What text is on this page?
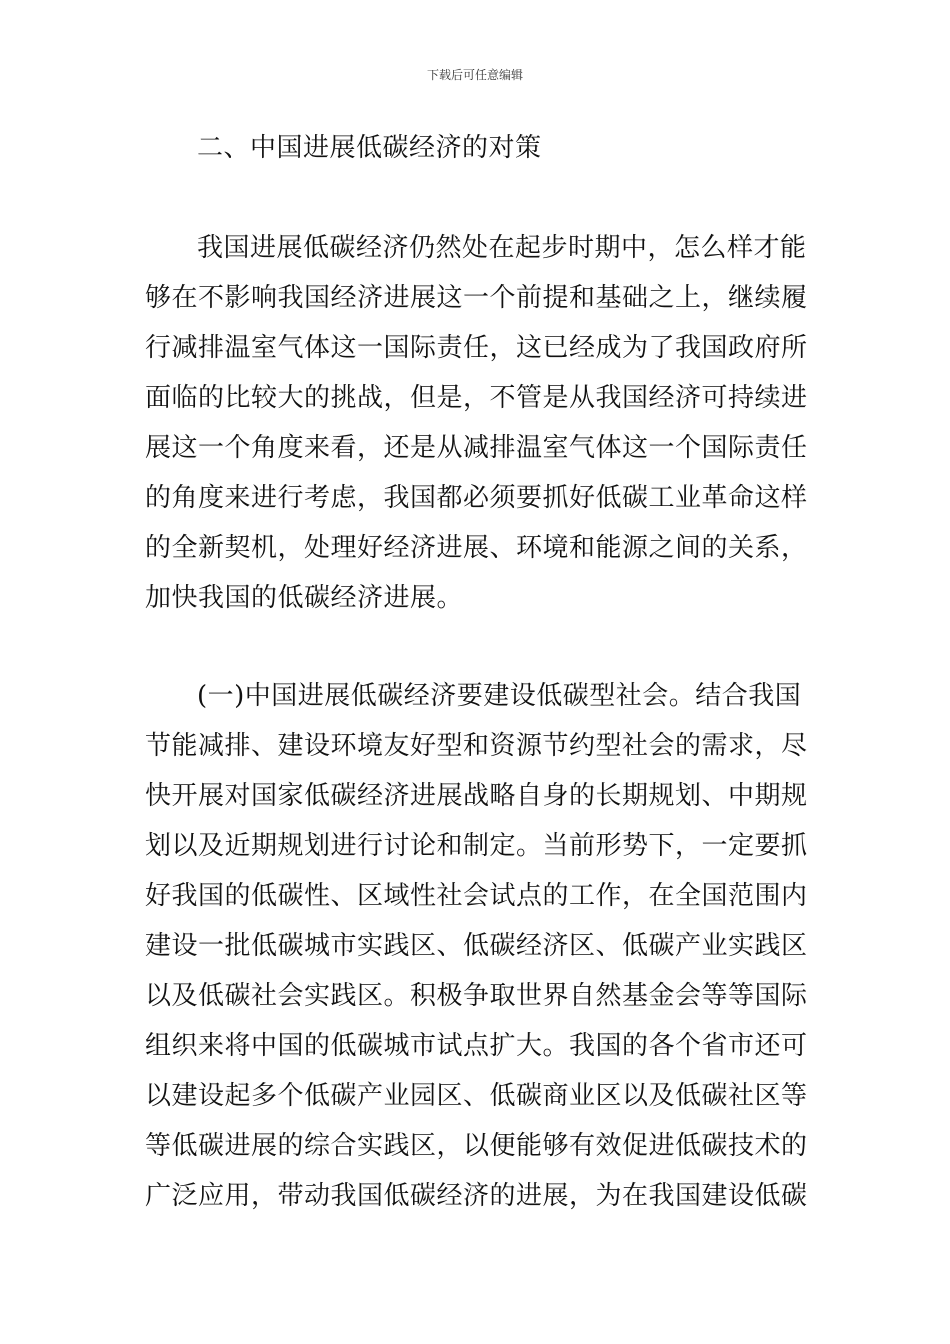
下载后可任意编辑
二、中国进展低碳经济的对策
我国进展低碳经济仍然处在起步时期中，怎么样才能
够在不影响我国经济进展这一个前提和基础之上，继续履
行减排温室气体这一国际责任，这已经成为了我国政府所
面临的比较大的挑战，但是，不管是从我国经济可持续进
展这一个角度来看，还是从减排温室气体这一个国际责任
的角度来进行考虑，我国都必须要抓好低碳工业革命这样
的全新契机，处理好经济进展、环境和能源之间的关系，
加快我国的低碳经济进展。
(一)中国进展低碳经济要建设低碳型社会。结合我国
节能减排、建设环境友好型和资源节约型社会的需求，尽
快开展对国家低碳经济进展战略自身的长期规划、中期规
划以及近期规划进行讨论和制定。当前形势下，一定要抓
好我国的低碳性、区域性社会试点的工作，在全国范围内
建设一批低碳城市实践区、低碳经济区、低碳产业实践区
以及低碳社会实践区。积极争取世界自然基金会等等国际
组织来将中国的低碳城市试点扩大。我国的各个省市还可
以建设起多个低碳产业园区、低碳商业区以及低碳社区等
等低碳进展的综合实践区，以便能够有效促进低碳技术的
广泛应用，带动我国低碳经济的进展，为在我国建设低碳
